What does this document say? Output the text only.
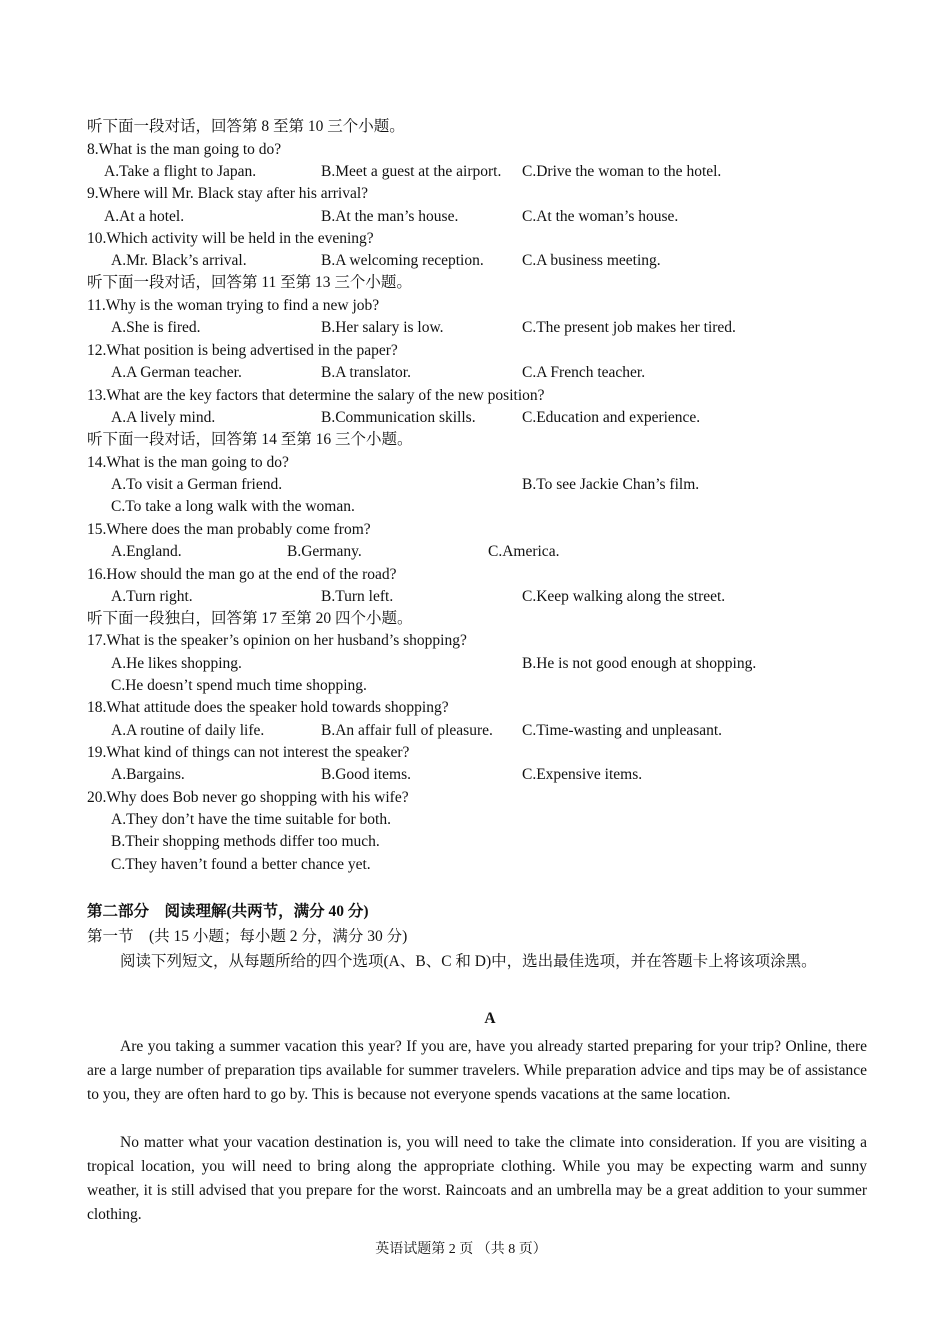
听下面一段对话，回答第 8 至第 10 三个小题。
8.What is the man going to do?
A.Take a flight to Japan.	B.Meet a guest at the airport. C.Drive the woman to the hotel.
9.Where will Mr. Black stay after his arrival?
A.At a hotel.	B.At the man’s house.	C.At the woman’s house.
10.Which activity will be held in the evening?
A.Mr. Black’s arrival.	B.A welcoming reception. C.A business meeting.
听下面一段对话，回答第 11 至第 13 三个小题。
11.Why is the woman trying to find a new job?
A.She is fired.	B.Her salary is low.	C.The present job makes her tired.
12.What position is being advertised in the paper?
A.A German teacher.	B.A translator.	C.A French teacher.
13.What are the key factors that determine the salary of the new position?
A.A lively mind.	B.Communication skills.	C.Education and experience.
听下面一段对话，回答第 14 至第 16 三个小题。
14.What is the man going to do?
A.To visit a German friend.	B.To see Jackie Chan’s film.
C.To take a long walk with the woman.
15.Where does the man probably come from?
A.England.	B.Germany.	C.America.
16.How should the man go at the end of the road?
A.Turn right.	B.Turn left.	C.Keep walking along the street.
听下面一段独白，回答第 17 至第 20 四个小题。
17.What is the speaker’s opinion on her husband’s shopping?
A.He likes shopping.	B.He is not good enough at shopping.
C.He doesn’t spend much time shopping.
18.What attitude does the speaker hold towards shopping?
A.A routine of daily life.	B.An affair full of pleasure. C.Time-wasting and unpleasant.
19.What kind of things can not interest the speaker?
A.Bargains.	B.Good items.	C.Expensive items.
20.Why does Bob never go shopping with his wife?
A.They don’t have the time suitable for both.
B.Their shopping methods differ too much.
C.They haven’t found a better chance yet.
第二部分　阅读理解(共两节，满分 40 分)
第一节　(共 15 小题；每小题 2 分，满分 30 分)
阅读下列短文，从每题所给的四个选项(A、B、C 和 D)中，选出最佳选项，并在答题卡上将该项涂黑。
A
Are you taking a summer vacation this year? If you are, have you already started preparing for your trip? Online, there are a large number of preparation tips available for summer travelers. While preparation advice and tips may be of assistance to you, they are often hard to go by. This is because not everyone spends vacations at the same location.
No matter what your vacation destination is, you will need to take the climate into consideration. If you are visiting a tropical location, you will need to bring along the appropriate clothing. While you may be expecting warm and sunny weather, it is still advised that you prepare for the worst. Raincoats and an umbrella may be a great addition to your summer clothing.
英语试题第 2 页 （共 8 页）
